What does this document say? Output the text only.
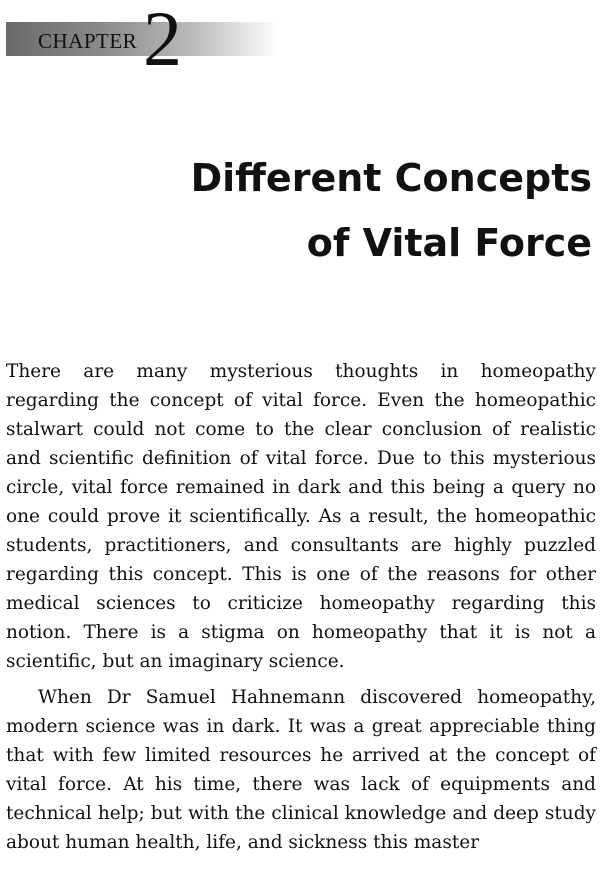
CHAPTER 2
Different Concepts
of Vital Force

There are many mysterious thoughts in homeopathy regarding the concept of vital force. Even the homeopathic stalwart could not come to the clear conclusion of realistic and scientific definition of vital force. Due to this mysterious circle, vital force remained in dark and this being a query no one could prove it scientifically. As a result, the homeopathic students, practitioners, and consultants are highly puzzled regarding this concept. This is one of the reasons for other medical sciences to criticize homeopathy regarding this notion. There is a stigma on homeopathy that it is not a scientific, but an imaginary science.

When Dr Samuel Hahnemann discovered homeopathy, modern science was in dark. It was a great appreciable thing that with few limited resources he arrived at the concept of vital force. At his time, there was lack of equipments and technical help; but with the clinical knowledge and deep study about human health, life, and sickness this master
